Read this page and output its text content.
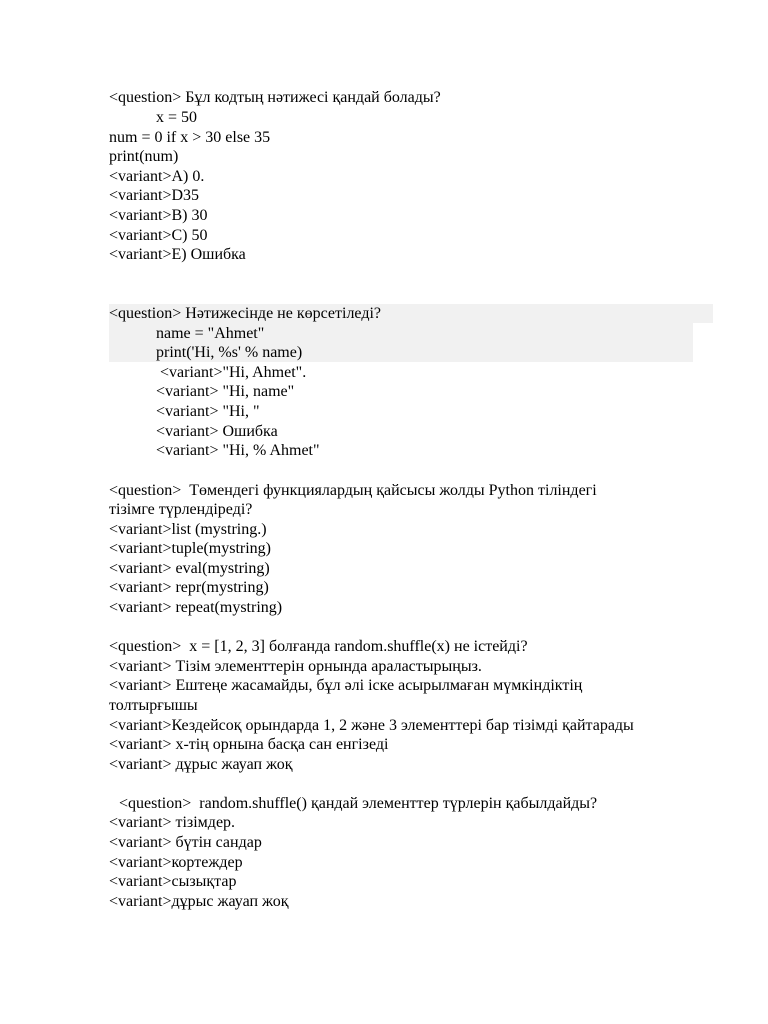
<question> Бұл кодтың нәтижесі қандай болады?
x = 50
num = 0 if x > 30 else 35
print(num)
<variant>A) 0.
<variant>D35
<variant>B) 30
<variant>C) 50
<variant>E) Ошибка
<question> Нәтижесінде не көрсетіледі?
name = "Ahmet"
print('Hi, %s' % name)
<variant>"Hi, Ahmet".
<variant> "Hi, name"
<variant> "Hi, "
<variant> Ошибка
<variant> "Hi, % Ahmet"
<question>  Төмендегі функциялардың қайсысы жолды Python тіліндегі
тізімге түрлендіреді?
<variant>list (mystring.)
<variant>tuple(mystring)
<variant> eval(mystring)
<variant> repr(mystring)
<variant> repeat(mystring)
<question>  x = [1, 2, 3] болғанда random.shuffle(x) не істейді?
<variant> Тізім элементтерін орнында араластырыңыз.
<variant> Ештеңе жасамайды, бұл әлі іске асырылмаған мүмкіндіктің
толтырғышы
<variant>Кездейсоқ орындарда 1, 2 және 3 элементтері бар тізімді қайтарады
<variant> x-тің орнына басқа сан енгізеді
<variant> дұрыс жауап жоқ
<question>  random.shuffle() қандай элементтер түрлерін қабылдайды?
<variant> тізімдер.
<variant> бүтін сандар
<variant>кортеждер
<variant>сызықтар
<variant>дұрыс жауап жоқ
